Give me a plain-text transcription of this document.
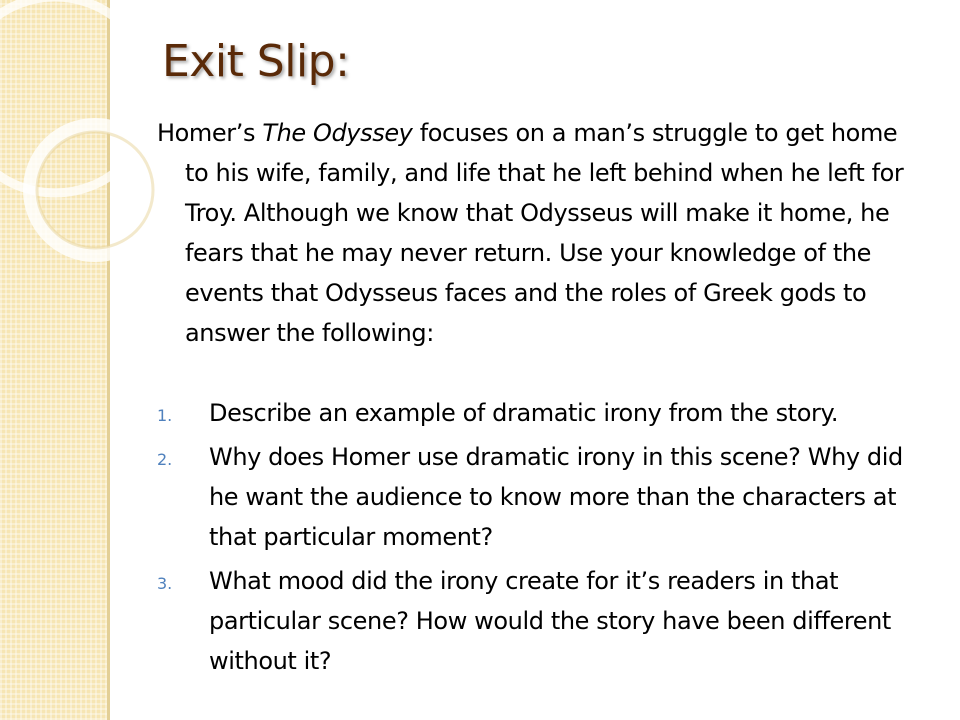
Exit Slip:

Homer’s The Odyssey focuses on a man’s struggle to get home to his wife, family, and life that he left behind when he left for Troy. Although we know that Odysseus will make it home, he fears that he may never return. Use your knowledge of the events that Odysseus faces and the roles of Greek gods to answer the following:

1. Describe an example of dramatic irony from the story.
2. Why does Homer use dramatic irony in this scene? Why did he want the audience to know more than the characters at that particular moment?
3. What mood did the irony create for it’s readers in that particular scene? How would the story have been different without it?
